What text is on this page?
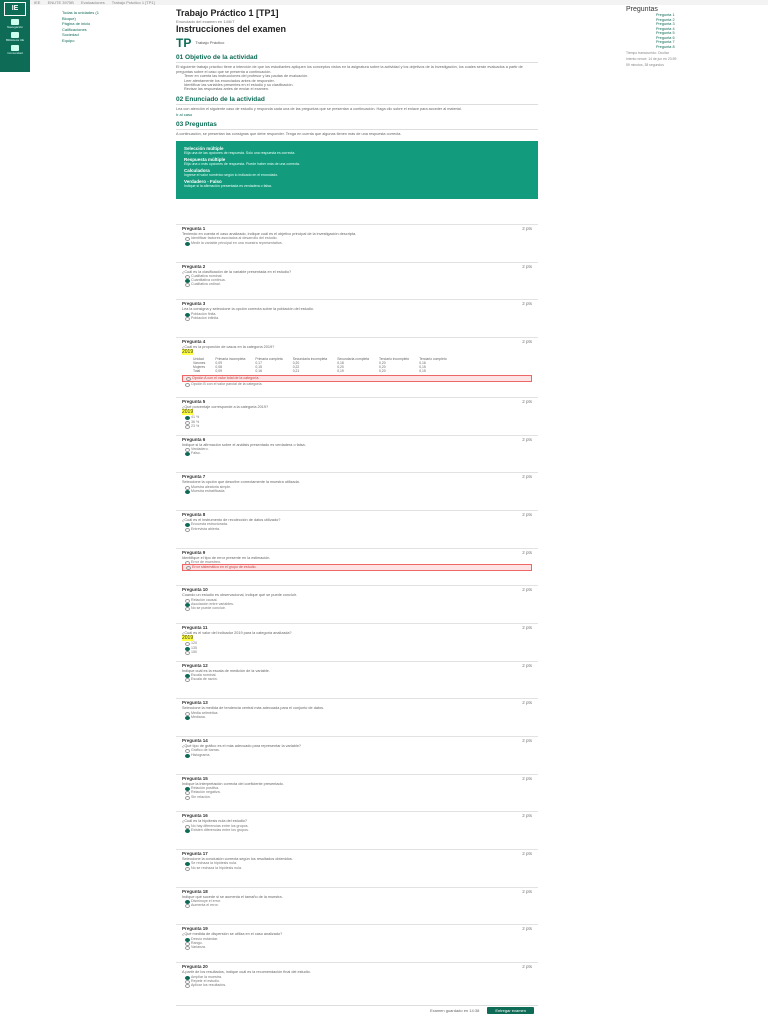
IE
Navegación
Biblioteca UE
Comunidad
IEE ENUTE 3975B Evaluaciones Trabajo Práctico 1 [TP1]
Todas la unidades (1 Bloque)
Página de inicio
Calificaciones
Sociedad
Equipo
Trabajo Práctico 1 [TP1]
Enunciado del examen en 14/6/7
Instrucciones del examen
TP Trabajo Práctico
01 Objetivo de la actividad
El siguiente trabajo práctico tiene a intención de que los estudiantes apliquen los conceptos vistos en la asignatura sobre la actividad y los objetivos de la investigación, los cuales serán evaluados a partir de preguntas sobre el caso que se presenta a continuación.
Tener en cuenta las instrucciones del profesor y las pautas de evaluación.
Leer atentamente los enunciados antes de responder.
Identificar las variables presentes en el estudio y su clasificación.
Revisar las respuestas antes de enviar el examen.
02 Enunciado de la actividad
Lea con atención el siguiente caso de estudio y responda cada una de las preguntas que se presentan a continuación. Haga clic sobre el enlace para acceder al material.
Ir al caso
03 Preguntas
A continuación, se presentan las consignas que debe responder. Tenga en cuenta que algunas tienen más de una respuesta correcta.
Selección múltiple
Elija una de las opciones de respuesta. Solo una respuesta es correcta.
Respuesta múltiple
Elija una o más opciones de respuesta. Puede haber más de una correcta.
Calculadora
Ingrese el valor numérico según lo indicado en el enunciado.
Verdadero - Falso
Indique si la afirmación presentada es verdadera o falsa.
Pregunta 1	2 pts
Teniendo en cuenta el caso analizado, indique cuál es el objetivo principal de la investigación descripta.
Identificar factores asociados al desarrollo del estudio.
Medir la variable principal en una muestra representativa.
Pregunta 2	2 pts
¿Cuál es la clasificación de la variable presentada en el estudio?
Cualitativa nominal.
Cuantitativa continua.
Cualitativa ordinal.
Pregunta 3	2 pts
Lea la consigna y seleccione la opción correcta sobre la población del estudio.
Población finita.
Población infinita.
Pregunta 4	2 pts
¿Cuál es la proporción de casos en la categoría 2019?
2019
Unidad	Primaria incompleta	Primaria completa	Secundaria incompleta	Secundaria completa	Terciario incompleto	Terciario completo
Varones	0,09	0,17	0,20	0,18	0,20	0,16
Mujeres	0,08	0,15	0,22	0,20	0,20	0,15
Total	0,09	0,16	0,21	0,19	0,20	0,15
Opción A con el valor total de la categoría.
Opción B con el valor parcial de la categoría.
Pregunta 5	2 pts
¿Qué porcentaje corresponde a la categoría 2019?
2019
41 %
36 %
23 %
Pregunta 6	2 pts
Indique si la afirmación sobre el análisis presentado es verdadera o falsa.
Verdadero.
Falso.
Pregunta 7	2 pts
Seleccione la opción que describe correctamente la muestra utilizada.
Muestra aleatoria simple.
Muestra estratificada.
Pregunta 8	2 pts
¿Cuál es el instrumento de recolección de datos utilizado?
Encuesta estructurada.
Entrevista abierta.
Pregunta 9	2 pts
Identifique el tipo de error presente en la estimación.
Error de muestreo.
Error sistemático en el grupo de estudio.
Pregunta 10	2 pts
Cuando un estudio es observacional, indique qué se puede concluir.
Relación causal.
Asociación entre variables.
No se puede concluir.
Pregunta 11	2 pts
¿Cuál es el valor del indicador 2019 para la categoría analizada?
2019
120
135
150
Pregunta 12	2 pts
Indique cuál es la escala de medición de la variable.
Escala nominal.
Escala de razón.
Pregunta 13	2 pts
Seleccione la medida de tendencia central más adecuada para el conjunto de datos.
Media aritmética.
Mediana.
Pregunta 14	2 pts
¿Qué tipo de gráfico es el más adecuado para representar la variable?
Gráfico de barras.
Histograma.
Pregunta 15	2 pts
Indique la interpretación correcta del coeficiente presentado.
Relación positiva.
Relación negativa.
Sin relación.
Pregunta 16	2 pts
¿Cuál es la hipótesis nula del estudio?
No hay diferencias entre los grupos.
Existen diferencias entre los grupos.
Pregunta 17	2 pts
Seleccione la conclusión correcta según los resultados obtenidos.
Se rechaza la hipótesis nula.
No se rechaza la hipótesis nula.
Pregunta 18	2 pts
Indique qué sucede si se aumenta el tamaño de la muestra.
Disminuye el error.
Aumenta el error.
Pregunta 19	2 pts
¿Qué medida de dispersión se utiliza en el caso analizado?
Desvío estándar.
Rango.
Varianza.
Pregunta 20	2 pts
A partir de los resultados, indique cuál es la recomendación final del estudio.
Ampliar la muestra.
Repetir el estudio.
Aplicar los resultados.
Preguntas
Pregunta 1
Pregunta 2
Pregunta 3
Pregunta 4
Pregunta 5
Pregunta 6
Pregunta 7
Pregunta 8
Tiempo transcurrido: Ocultar
Intento vence: 14 de jun en 23:59
59 minutos, 38 segundos
Examen guardado en 14:38	Entregar examen
